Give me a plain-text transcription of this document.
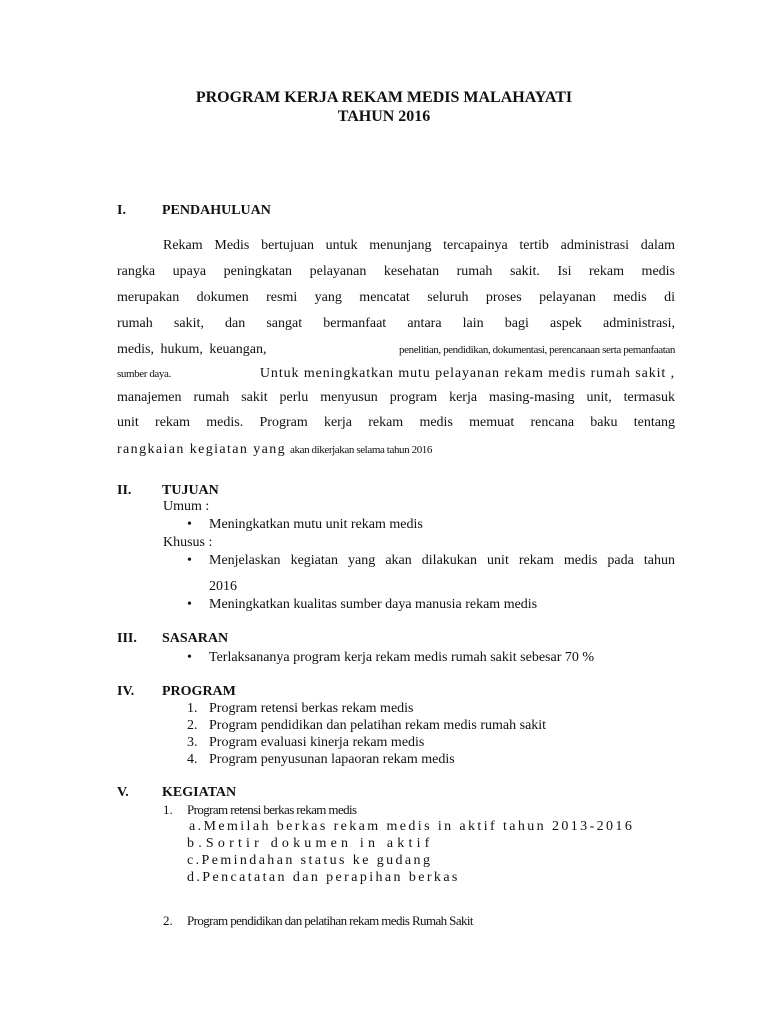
PROGRAM KERJA REKAM MEDIS MALAHAYATI
TAHUN 2016
I.	PENDAHULUAN
Rekam Medis bertujuan untuk menunjang tercapainya tertib administrasi dalam
rangka upaya peningkatan pelayanan kesehatan rumah sakit. Isi rekam medis
merupakan dokumen resmi yang mencatat seluruh proses pelayanan medis di
rumah sakit, dan sangat bermanfaat antara lain bagi aspek administrasi,
medis, hukum, keuangan,	penelitian, pendidikan, dokumentasi, perencanaan serta pemanfaatan
sumber daya.	Untuk meningkatkan mutu pelayanan rekam medis rumah sakit ,
manajemen rumah sakit perlu menyusun program kerja masing-masing unit, termasuk
unit rekam medis. Program kerja rekam medis memuat rencana baku tentang
rangkaian kegiatan yang akan dikerjakan selama tahun 2016
II. TUJUAN
Umum :
• Meningkatkan mutu unit rekam medis
Khusus :
• Menjelaskan kegiatan yang akan dilakukan unit rekam medis pada tahun
2016
• Meningkatkan kualitas sumber daya manusia rekam medis
III. SASARAN
• Terlaksananya program kerja rekam medis rumah sakit sebesar 70 %
IV. PROGRAM
1. Program retensi berkas rekam medis
2. Program pendidikan dan pelatihan rekam medis rumah sakit
3. Program evaluasi kinerja rekam medis
4. Program penyusunan lapaoran rekam medis
V. KEGIATAN
1. Program retensi berkas rekam medis
a.Memilah berkas rekam medis in aktif tahun 2013-2016
b.Sortir dokumen in aktif
c.Pemindahan status ke gudang
d.Pencatatan dan perapihan berkas
2. Program pendidikan dan pelatihan rekam medis Rumah Sakit
